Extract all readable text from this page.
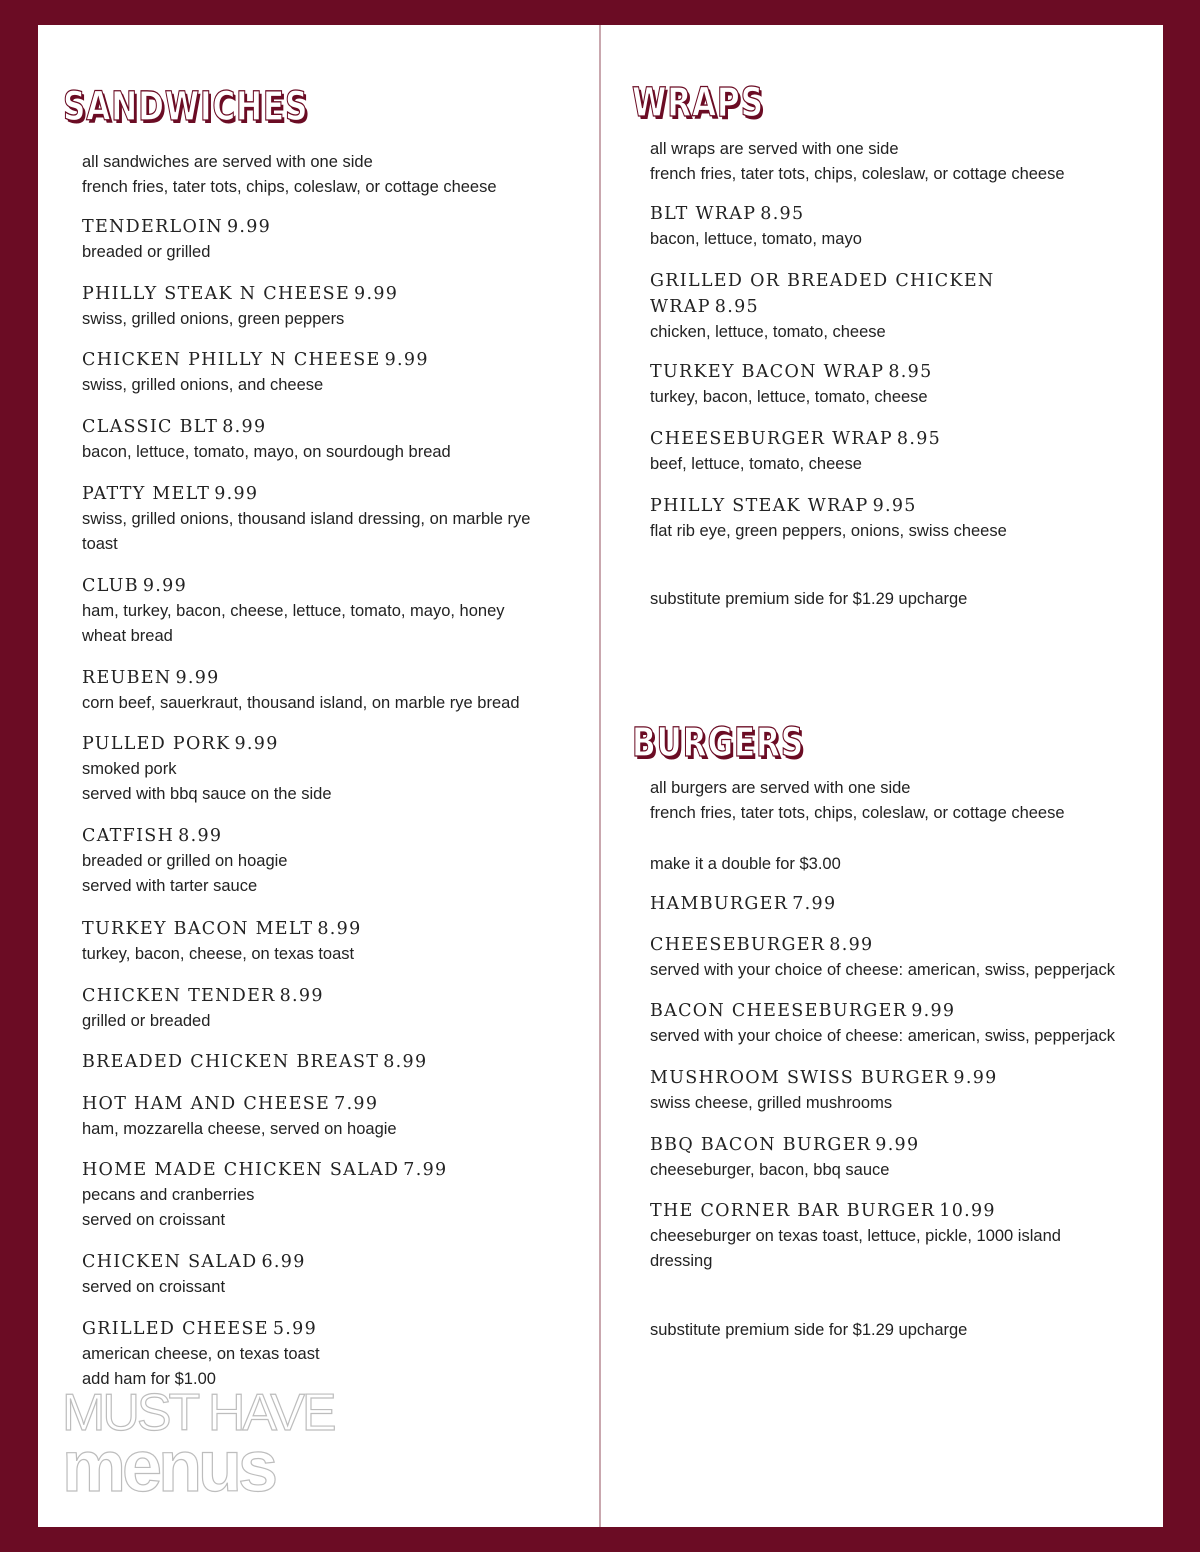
SANDWICHES
all sandwiches are served with one side
french fries, tater tots, chips, coleslaw, or cottage cheese
TENDERLOIN 9.99
breaded or grilled
PHILLY STEAK N CHEESE 9.99
swiss, grilled onions, green peppers
CHICKEN PHILLY N CHEESE 9.99
swiss, grilled onions, and cheese
CLASSIC BLT 8.99
bacon, lettuce, tomato, mayo, on sourdough bread
PATTY MELT 9.99
swiss, grilled onions, thousand island dressing, on marble rye toast
CLUB 9.99
ham, turkey, bacon, cheese, lettuce, tomato, mayo, honey wheat bread
REUBEN 9.99
corn beef, sauerkraut, thousand island, on marble rye bread
PULLED PORK 9.99
smoked pork
served with bbq sauce on the side
CATFISH 8.99
breaded or grilled on hoagie
served with tarter sauce
TURKEY BACON MELT 8.99
turkey, bacon, cheese, on texas toast
CHICKEN TENDER 8.99
grilled or breaded
BREADED CHICKEN BREAST 8.99
HOT HAM AND CHEESE 7.99
ham, mozzarella cheese, served on hoagie
HOME MADE CHICKEN SALAD 7.99
pecans and cranberries
served on croissant
CHICKEN SALAD 6.99
served on croissant
GRILLED CHEESE 5.99
american cheese, on texas toast
add ham for $1.00
MUST HAVE
menus
WRAPS
all wraps are served with one side
french fries, tater tots, chips, coleslaw, or cottage cheese
BLT WRAP 8.95
bacon, lettuce, tomato, mayo
GRILLED OR BREADED CHICKEN WRAP 8.95
chicken, lettuce, tomato, cheese
TURKEY BACON WRAP 8.95
turkey, bacon, lettuce, tomato, cheese
CHEESEBURGER WRAP 8.95
beef, lettuce, tomato, cheese
PHILLY STEAK WRAP 9.95
flat rib eye, green peppers, onions, swiss cheese
substitute premium side for $1.29 upcharge
BURGERS
all burgers are served with one side
french fries, tater tots, chips, coleslaw, or cottage cheese
make it a double for $3.00
HAMBURGER 7.99
CHEESEBURGER 8.99
served with your choice of cheese: american, swiss, pepperjack
BACON CHEESEBURGER 9.99
served with your choice of cheese: american, swiss, pepperjack
MUSHROOM SWISS BURGER 9.99
swiss cheese, grilled mushrooms
BBQ BACON BURGER 9.99
cheeseburger, bacon, bbq sauce
THE CORNER BAR BURGER 10.99
cheeseburger on texas toast, lettuce, pickle, 1000 island dressing
substitute premium side for $1.29 upcharge
